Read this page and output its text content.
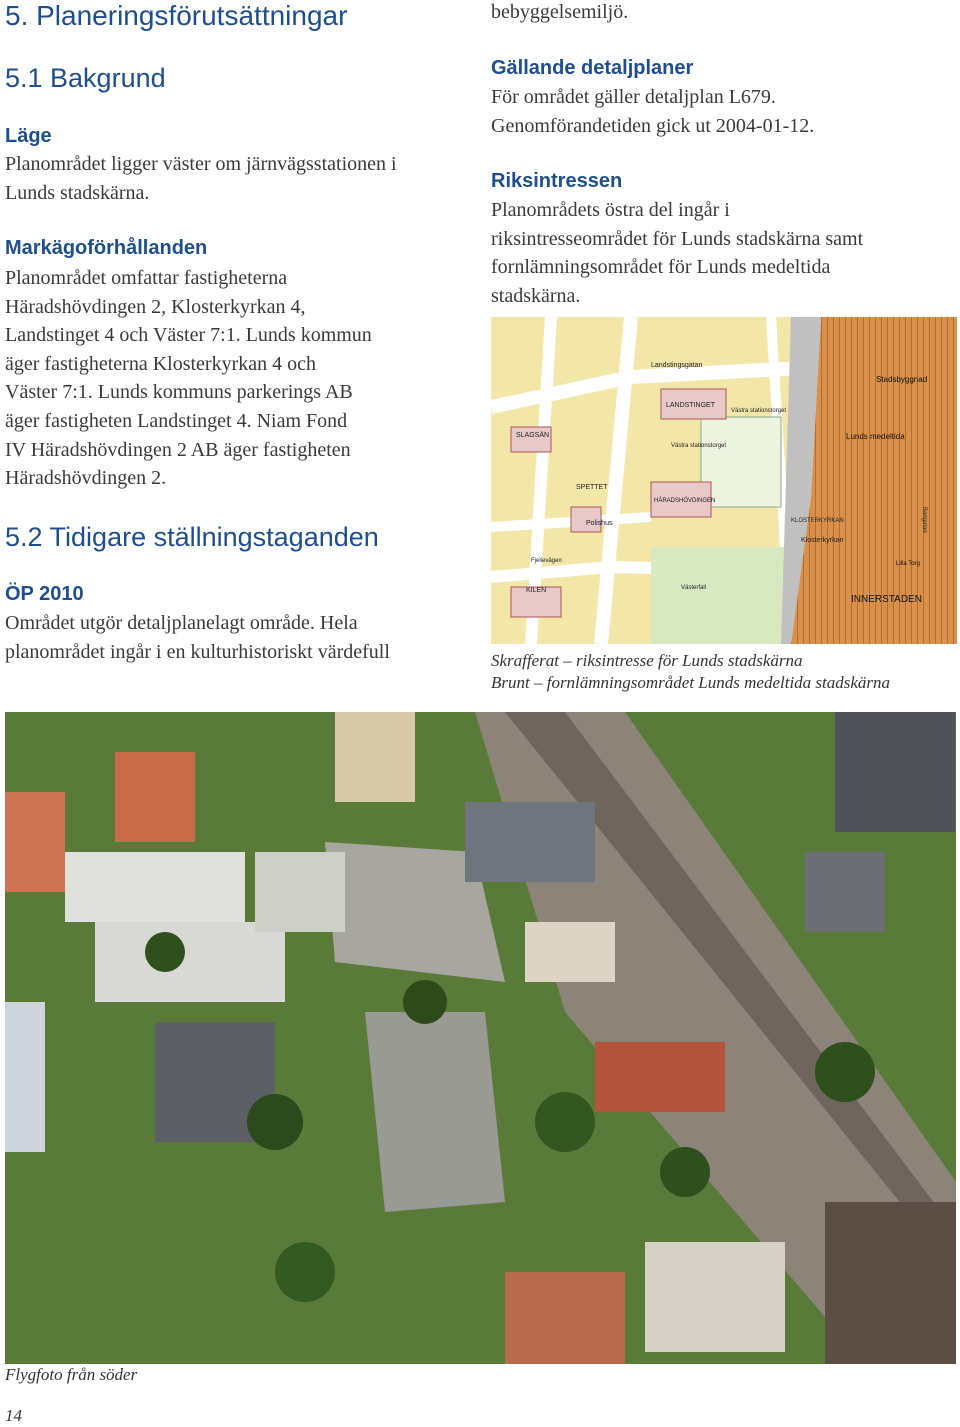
5. Planeringsförutsättningar
5.1 Bakgrund
Läge
Planområdet ligger väster om järnvägsstationen i
Lunds stadskärna.
Markägoförhållanden
Planområdet omfattar fastigheterna
Häradshövdingen 2, Klosterkyrkan 4,
Landstinget 4 och Väster 7:1. Lunds kommun
äger fastigheterna Klosterkyrkan 4 och
Väster 7:1. Lunds kommuns parkerings AB
äger fastigheten Landstinget 4. Niam Fond
IV Häradshövdingen 2 AB äger fastigheten
Häradshövdingen 2.
5.2 Tidigare ställningstaganden
ÖP 2010
Området utgör detaljplanelagt område. Hela
planområdet ingår i en kulturhistoriskt värdefull
bebyggelsemiljö.
Gällande detaljplaner
För området gäller detaljplan L679.
Genomförandetiden gick ut 2004-01-12.
Riksintressen
Planområdets östra del ingår i
riksintresseområdet för Lunds stadskärna samt
fornlämningsområdet för Lunds medeltida
stadskärna.
Landstingsgatan
LANDSTINGET
Västra stationstorget
Västra stationstorget
SLAGSÄN
SPETTET
HÄRADSHÖVDINGEN
Polishus
KILEN	Västerfall
KLOSTERKYRKAN
Klosterkyrkan
INNERSTADEN
Stadsbyggnad
Lunds medeltida
Lilla Torg
Fjelievägen
Bangatan
Skrafferat – riksintresse för Lunds stadskärna
Brunt – fornlämningsområdet Lunds medeltida stadskärna
Flygfoto från söder
14
